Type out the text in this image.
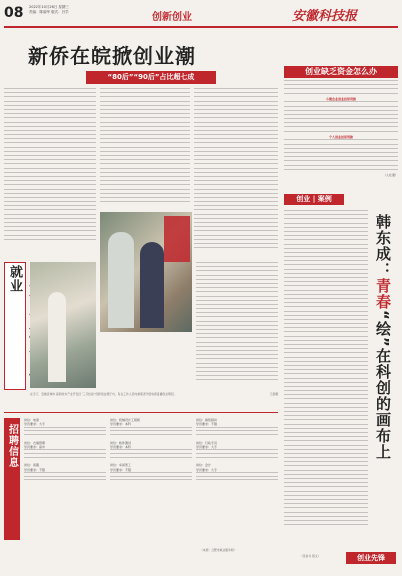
08 2022年10月26日 星期三
责编：陈丽华 版式：吕学	创新创业	安徽科技报
新侨在皖掀创业潮
“80后”“90后”占比超七成
就业
在当下，安徽宣城市·高新技术产业开发区“三只松鼠”创新创业展厅内，有关工作人员向参观者介绍电商直播创业情况。	王雷摄
招聘信息
岗位：电商
学历要求：大专
岗位：机械设计工程师
学历要求：本科
岗位：销售顾问
学历要求：不限
岗位：仓储管理
学历要求：高中
岗位：软件测试
学历要求：本科
岗位：行政专员
学历要求：大专
岗位：客服
学历要求：不限
岗位：车间普工
学历要求：不限
岗位：会计
学历要求：大专
（来源：合肥市就业服务网）
创业缺乏资金怎么办
小微企业创业担保贷款
个人创业担保贷款
（人社通）
创业 | 案例
韩东成：青春“绘”在科创的画布上
（吴崇兵 程文）	创业先锋
